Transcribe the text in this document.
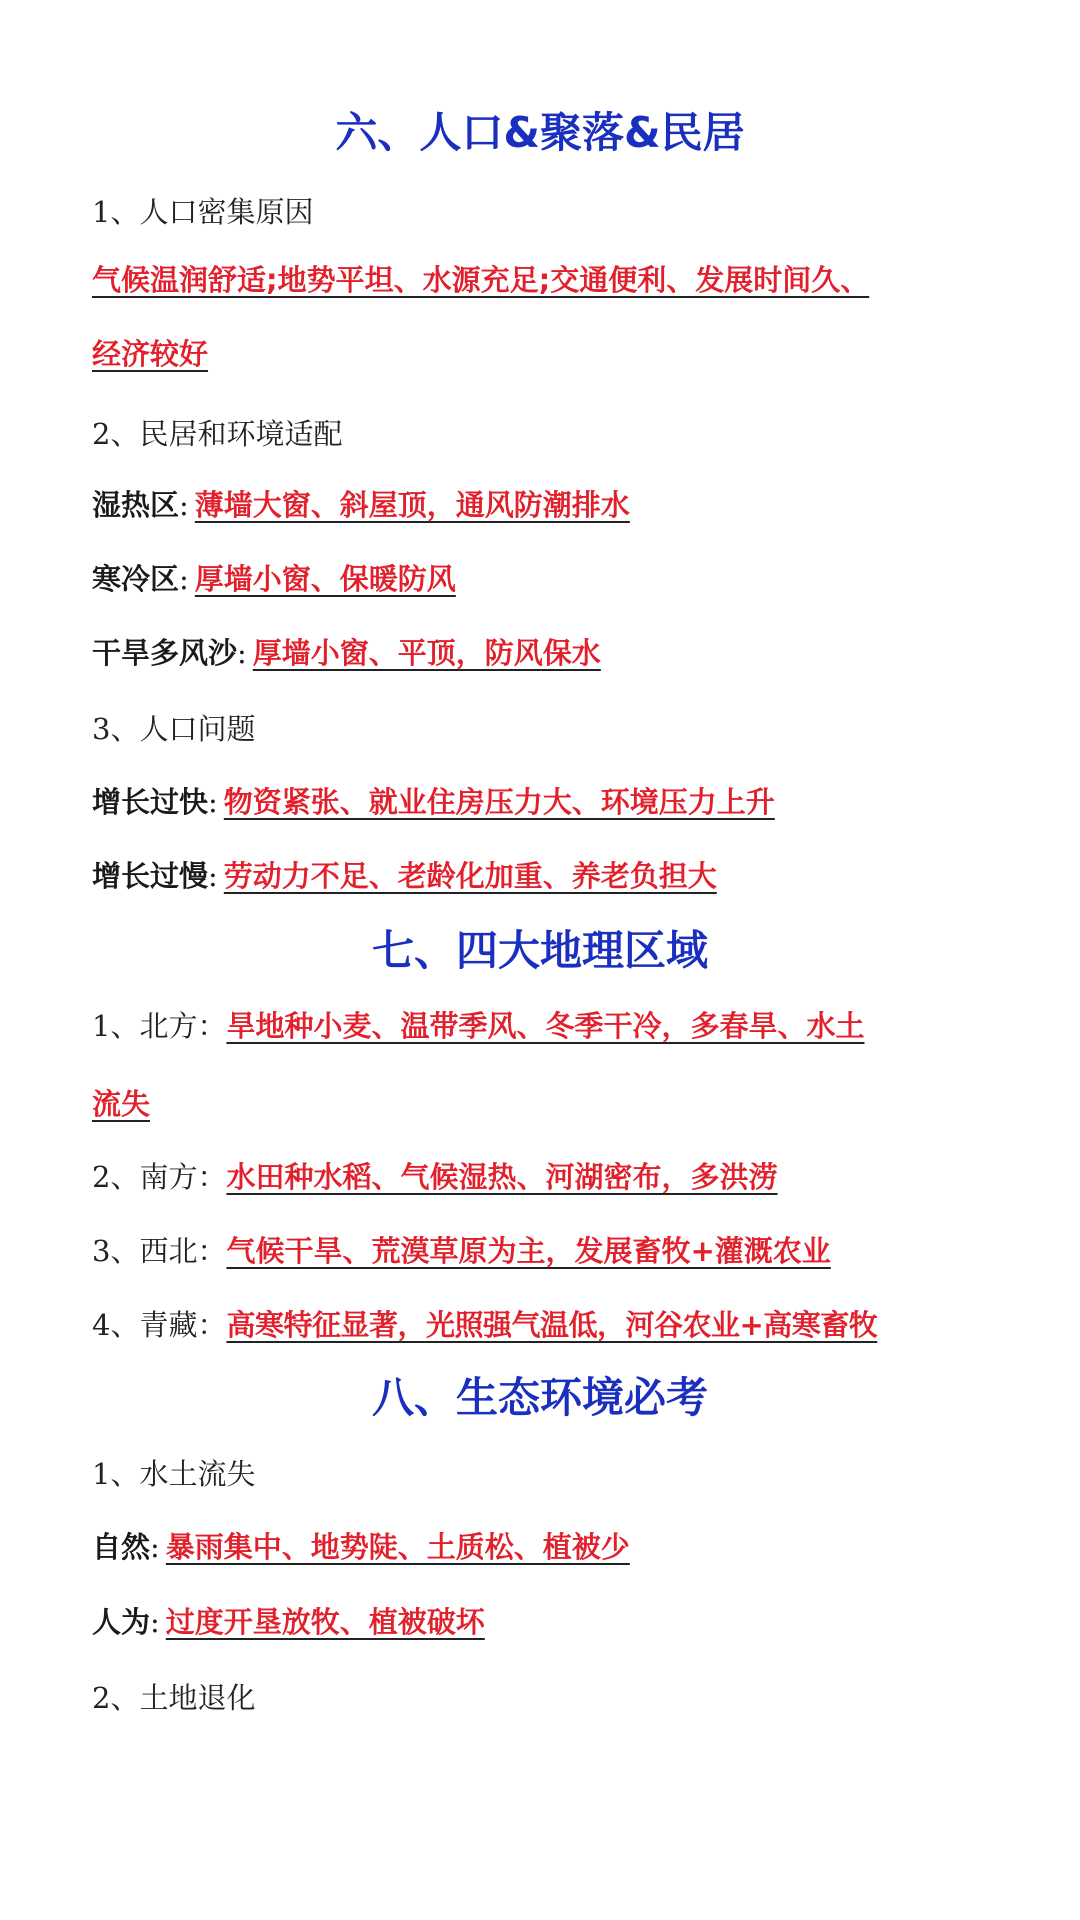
六、人口&聚落&民居
1、人口密集原因
气候温润舒适;地势平坦、水源充足;交通便利、发展时间久、
经济较好
2、民居和环境适配
湿热区: 薄墙大窗、斜屋顶，通风防潮排水
寒冷区: 厚墙小窗、保暖防风
干旱多风沙: 厚墙小窗、平顶，防风保水
3、人口问题
增长过快: 物资紧张、就业住房压力大、环境压力上升
增长过慢: 劳动力不足、老龄化加重、养老负担大
七、四大地理区域
1、北方：旱地种小麦、温带季风、冬季干冷，多春旱、水土
流失
2、南方：水田种水稻、气候湿热、河湖密布，多洪涝
3、西北：气候干旱、荒漠草原为主，发展畜牧+灌溉农业
4、青藏：高寒特征显著，光照强气温低，河谷农业+高寒畜牧
八、生态环境必考
1、水土流失
自然: 暴雨集中、地势陡、土质松、植被少
人为: 过度开垦放牧、植被破坏
2、土地退化
